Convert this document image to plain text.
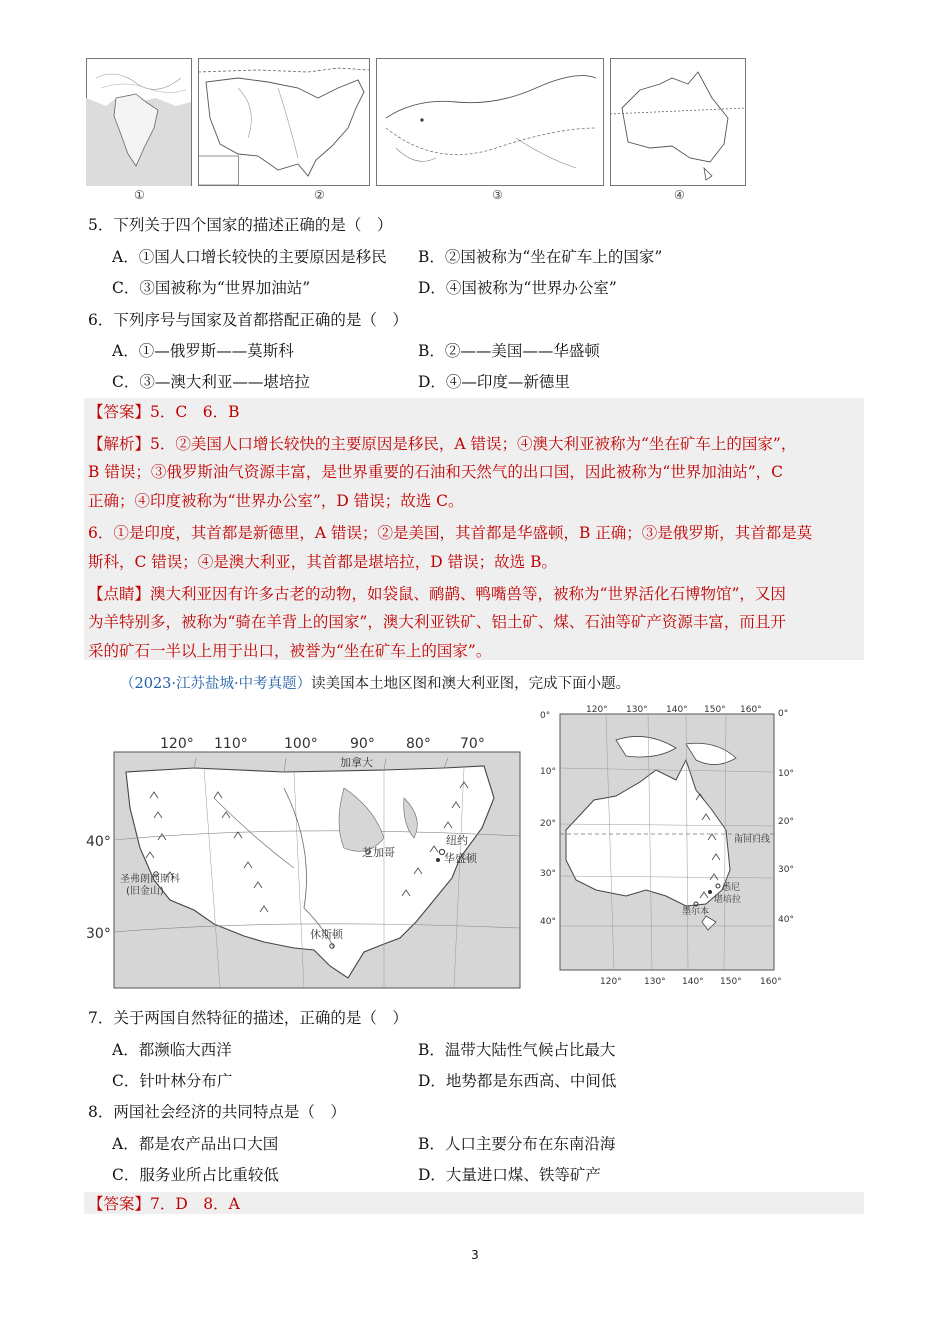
①	②	③	④
5．下列关于四个国家的描述正确的是（　）
A．①国人口增长较快的主要原因是移民 B．②国被称为“坐在矿车上的国家”
C．③国被称为“世界加油站”	D．④国被称为“世界办公室”
6．下列序号与国家及首都搭配正确的是（　）
A．①—俄罗斯——莫斯科	B．②——美国——华盛顿
C．③—澳大利亚——堪培拉	D．④—印度—新德里
【答案】5．C　6．B
【解析】5．②美国人口增长较快的主要原因是移民，A 错误；④澳大利亚被称为“坐在矿车上的国家”，
B 错误；③俄罗斯油气资源丰富，是世界重要的石油和天然气的出口国，因此被称为“世界加油站”，C
正确；④印度被称为“世界办公室”，D 错误；故选 C。
6．①是印度，其首都是新德里，A 错误；②是美国，其首都是华盛顿，B 正确；③是俄罗斯，其首都是莫
斯科，C 错误；④是澳大利亚，其首都是堪培拉，D 错误；故选 B。
【点睛】澳大利亚因有许多古老的动物，如袋鼠、鸸鹋、鸭嘴兽等，被称为“世界活化石博物馆”，又因
为羊特别多，被称为“骑在羊背上的国家”，澳大利亚铁矿、铝土矿、煤、石油等矿产资源丰富，而且开
采的矿石一半以上用于出口，被誉为“坐在矿车上的国家”。
（2023·江苏盐城·中考真题）读美国本土地区图和澳大利亚图，完成下面小题。
120° 110°	100° 90° 80° 70°
40°
30°
加拿大
芝加哥
纽约
华盛顿
圣弗朗西斯科
(旧金山)
休斯顿
120° 130° 140° 150° 160°
120° 130° 140° 150° 160°
0°
10°
20°
30°
40°
0°
10°
20°
30°
40°
南回归线
悉尼
堪培拉
墨尔本
7．关于两国自然特征的描述，正确的是（　）
A．都濒临大西洋	B．温带大陆性气候占比最大
C．针叶林分布广	D．地势都是东西高、中间低
8．两国社会经济的共同特点是（　）
A．都是农产品出口大国	B．人口主要分布在东南沿海
C．服务业所占比重较低	D．大量进口煤、铁等矿产
【答案】7．D　8．A
3
